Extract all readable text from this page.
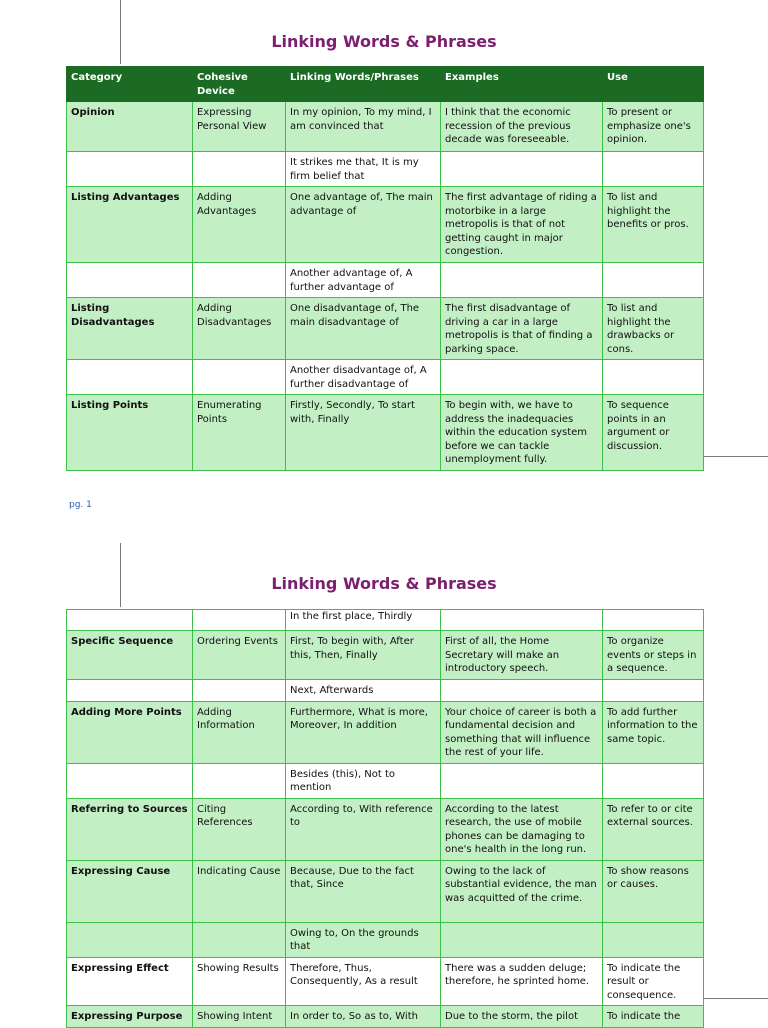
Linking Words & Phrases
Category	Cohesive Device	Linking Words/Phrases	Examples	Use
Opinion	Expressing Personal View	In my opinion, To my mind, I am convinced that	I think that the economic recession of the previous decade was foreseeable.	To present or emphasize one's opinion.
		It strikes me that, It is my firm belief that		
Listing Advantages	Adding Advantages	One advantage of, The main advantage of	The first advantage of riding a motorbike in a large metropolis is that of not getting caught in major congestion.	To list and highlight the benefits or pros.
		Another advantage of, A further advantage of		
Listing Disadvantages	Adding Disadvantages	One disadvantage of, The main disadvantage of	The first disadvantage of driving a car in a large metropolis is that of finding a parking space.	To list and highlight the drawbacks or cons.
		Another disadvantage of, A further disadvantage of		
Listing Points	Enumerating Points	Firstly, Secondly, To start with, Finally	To begin with, we have to address the inadequacies within the education system before we can tackle unemployment fully.	To sequence points in an argument or discussion.
pg. 1
Linking Words & Phrases
		In the first place, Thirdly		
Specific Sequence	Ordering Events	First, To begin with, After this, Then, Finally	First of all, the Home Secretary will make an introductory speech.	To organize events or steps in a sequence.
		Next, Afterwards		
Adding More Points	Adding Information	Furthermore, What is more, Moreover, In addition	Your choice of career is both a fundamental decision and something that will influence the rest of your life.	To add further information to the same topic.
		Besides (this), Not to mention		
Referring to Sources	Citing References	According to, With reference to	According to the latest research, the use of mobile phones can be damaging to one's health in the long run.	To refer to or cite external sources.
Expressing Cause	Indicating Cause	Because, Due to the fact that, Since	Owing to the lack of substantial evidence, the man was acquitted of the crime.	To show reasons or causes.
		Owing to, On the grounds that		
Expressing Effect	Showing Results	Therefore, Thus, Consequently, As a result	There was a sudden deluge; therefore, he sprinted home.	To indicate the result or consequence.
Expressing Purpose	Showing Intent	In order to, So as to, With	Due to the storm, the pilot	To indicate the
